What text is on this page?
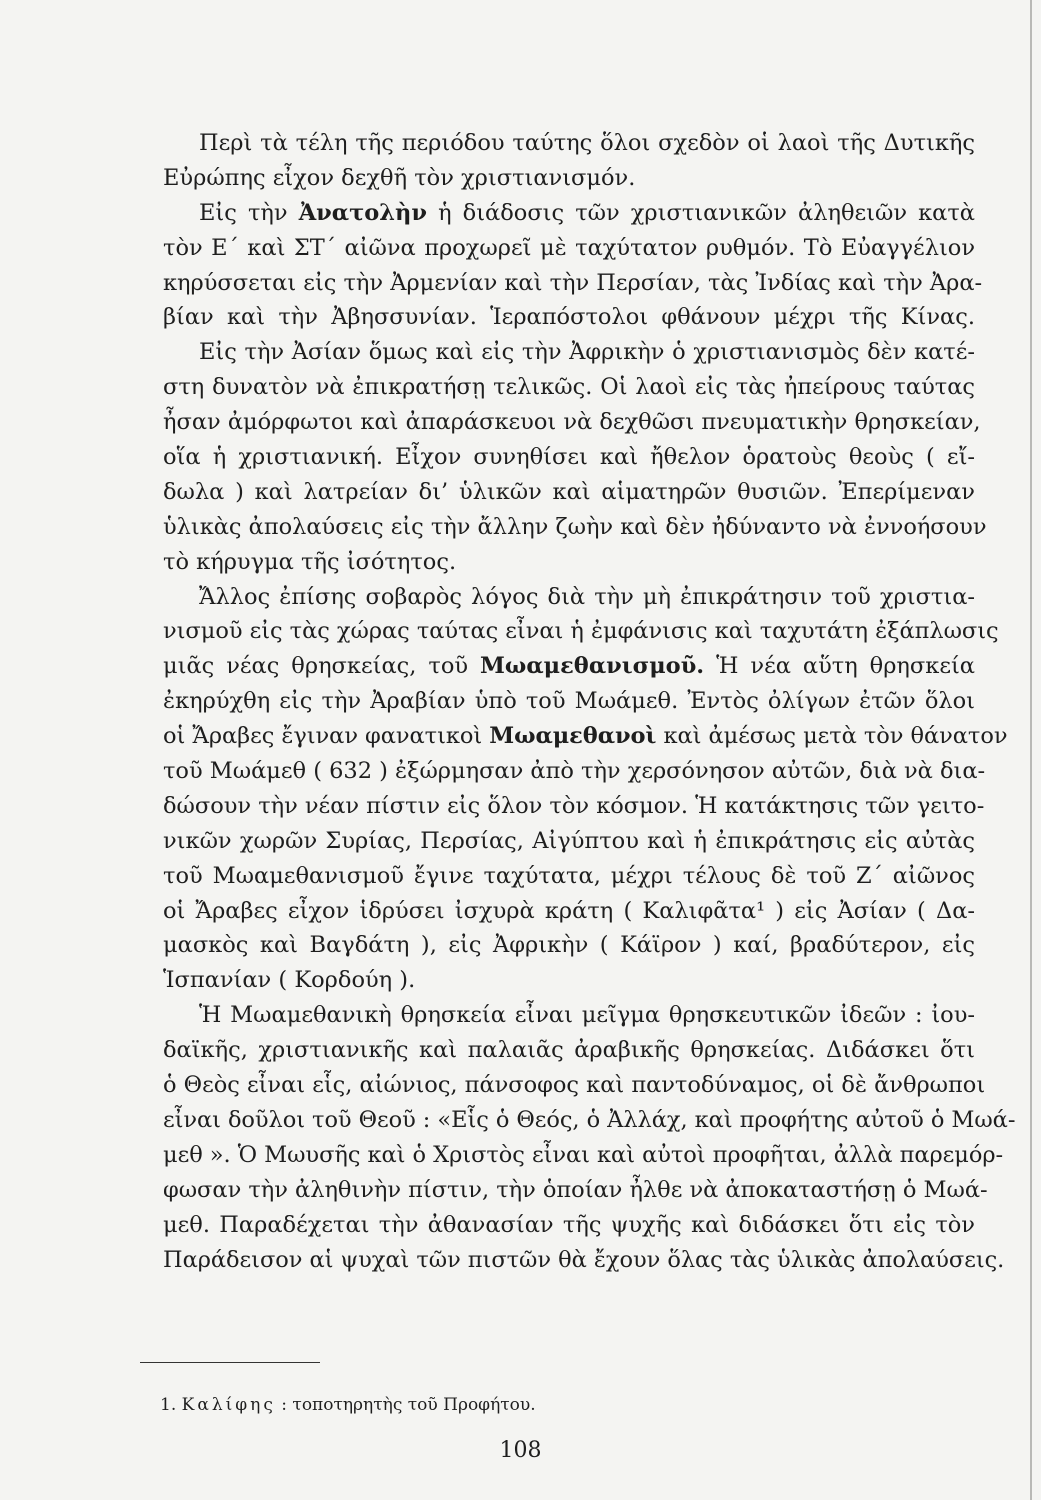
Περὶ τὰ τέλη τῆς περιόδου ταύτης ὅλοι σχεδὸν οἱ λαοὶ τῆς Δυτικῆς
Εὐρώπης εἶχον δεχθῆ τὸν χριστιανισμόν.
Εἰς τὴν Ἀνατολὴν ἡ διάδοσις τῶν χριστιανικῶν ἀληθειῶν κατὰ
τὸν Ε΄ καὶ ΣΤ΄ αἰῶνα προχωρεῖ μὲ ταχύτατον ρυθμόν. Τὸ Εὐαγγέλιον
κηρύσσεται εἰς τὴν Ἀρμενίαν καὶ τὴν Περσίαν, τὰς Ἰνδίας καὶ τὴν Ἀρα-
βίαν καὶ τὴν Ἀβησσυνίαν. Ἱεραπόστολοι φθάνουν μέχρι τῆς Κίνας.
Εἰς τὴν Ἀσίαν ὅμως καὶ εἰς τὴν Ἀφρικὴν ὁ χριστιανισμὸς δὲν κατέ-
στη δυνατὸν νὰ ἐπικρατήσῃ τελικῶς. Οἱ λαοὶ εἰς τὰς ἠπείρους ταύτας
ἦσαν ἀμόρφωτοι καὶ ἀπαράσκευοι νὰ δεχθῶσι πνευματικὴν θρησκείαν,
οἵα ἡ χριστιανική. Εἶχον συνηθίσει καὶ ἤθελον ὁρατοὺς θεοὺς ( εἴ-
δωλα ) καὶ λατρείαν δι’ ὑλικῶν καὶ αἱματηρῶν θυσιῶν. Ἐπερίμεναν
ὑλικὰς ἀπολαύσεις εἰς τὴν ἄλλην ζωὴν καὶ δὲν ἠδύναντο νὰ ἐννοήσουν
τὸ κήρυγμα τῆς ἰσότητος.
Ἄλλος ἐπίσης σοβαρὸς λόγος διὰ τὴν μὴ ἐπικράτησιν τοῦ χριστια-
νισμοῦ εἰς τὰς χώρας ταύτας εἶναι ἡ ἐμφάνισις καὶ ταχυτάτη ἐξάπλωσις
μιᾶς νέας θρησκείας, τοῦ Μωαμεθανισμοῦ. Ἡ νέα αὕτη θρησκεία
ἐκηρύχθη εἰς τὴν Ἀραβίαν ὑπὸ τοῦ Μωάμεθ. Ἐντὸς ὀλίγων ἐτῶν ὅλοι
οἱ Ἄραβες ἔγιναν φανατικοὶ Μωαμεθανοὶ καὶ ἀμέσως μετὰ τὸν θάνατον
τοῦ Μωάμεθ ( 632 ) ἐξώρμησαν ἀπὸ τὴν χερσόνησον αὐτῶν, διὰ νὰ δια-
δώσουν τὴν νέαν πίστιν εἰς ὅλον τὸν κόσμον. Ἡ κατάκτησις τῶν γειτο-
νικῶν χωρῶν Συρίας, Περσίας, Αἰγύπτου καὶ ἡ ἐπικράτησις εἰς αὐτὰς
τοῦ Μωαμεθανισμοῦ ἔγινε ταχύτατα, μέχρι τέλους δὲ τοῦ Ζ΄ αἰῶνος
οἱ Ἄραβες εἶχον ἱδρύσει ἰσχυρὰ κράτη ( Καλιφᾶτα¹ ) εἰς Ἀσίαν ( Δα-
μασκὸς καὶ Βαγδάτη ), εἰς Ἀφρικὴν ( Κάϊρον ) καί, βραδύτερον, εἰς
Ἱσπανίαν ( Κορδούη ).
Ἡ Μωαμεθανικὴ θρησκεία εἶναι μεῖγμα θρησκευτικῶν ἰδεῶν : ἰου-
δαϊκῆς, χριστιανικῆς καὶ παλαιᾶς ἀραβικῆς θρησκείας. Διδάσκει ὅτι
ὁ Θεὸς εἶναι εἷς, αἰώνιος, πάνσοφος καὶ παντοδύναμος, οἱ δὲ ἄνθρωποι
εἶναι δοῦλοι τοῦ Θεοῦ : «Εἷς ὁ Θεός, ὁ Ἀλλάχ, καὶ προφήτης αὐτοῦ ὁ Μωά-
μεθ ». Ὁ Μωυσῆς καὶ ὁ Χριστὸς εἶναι καὶ αὐτοὶ προφῆται, ἀλλὰ παρεμόρ-
φωσαν τὴν ἀληθινὴν πίστιν, τὴν ὁποίαν ἦλθε νὰ ἀποκαταστήσῃ ὁ Μωά-
μεθ. Παραδέχεται τὴν ἀθανασίαν τῆς ψυχῆς καὶ διδάσκει ὅτι εἰς τὸν
Παράδεισον αἱ ψυχαὶ τῶν πιστῶν θὰ ἔχουν ὅλας τὰς ὑλικὰς ἀπολαύσεις.
1. Καλίφης : τοποτηρητὴς τοῦ Προφήτου.
108
